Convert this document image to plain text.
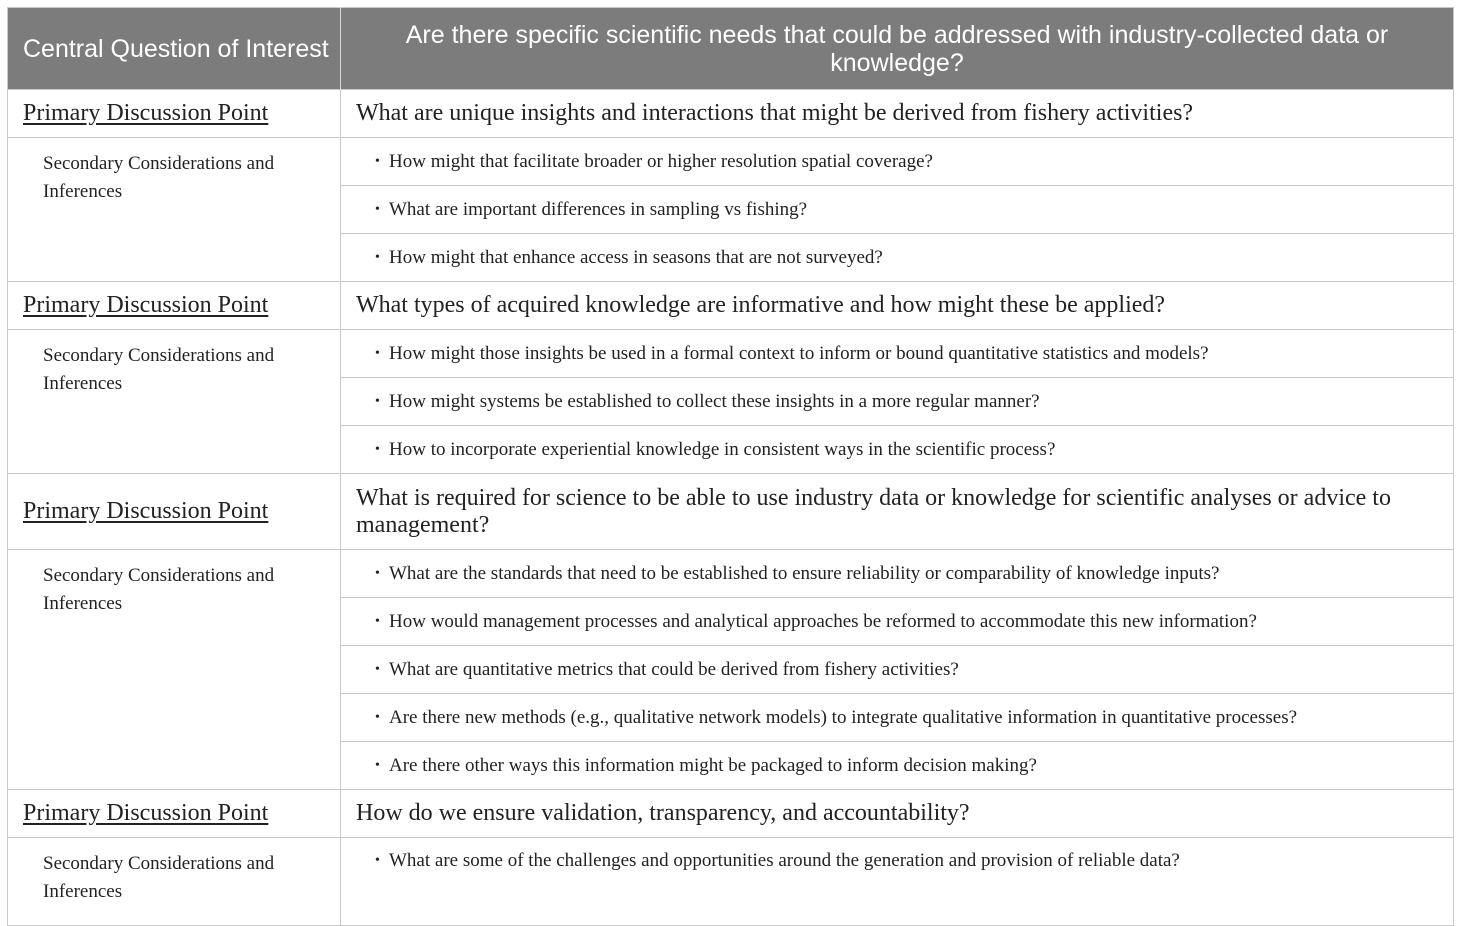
Central Question of Interest	Are there specific scientific needs that could be addressed with industry-collected data or knowledge?
Primary Discussion Point	What are unique insights and interactions that might be derived from fishery activities?
Secondary Considerations and Inferences	• How might that facilitate broader or higher resolution spatial coverage?
	• What are important differences in sampling vs fishing?
	• How might that enhance access in seasons that are not surveyed?
Primary Discussion Point	What types of acquired knowledge are informative and how might these be applied?
Secondary Considerations and Inferences	• How might those insights be used in a formal context to inform or bound quantitative statistics and models?
	• How might systems be established to collect these insights in a more regular manner?
	• How to incorporate experiential knowledge in consistent ways in the scientific process?
Primary Discussion Point	What is required for science to be able to use industry data or knowledge for scientific analyses or advice to management?
Secondary Considerations and Inferences	• What are the standards that need to be established to ensure reliability or comparability of knowledge inputs?
	• How would management processes and analytical approaches be reformed to accommodate this new information?
	• What are quantitative metrics that could be derived from fishery activities?
	• Are there new methods (e.g., qualitative network models) to integrate qualitative information in quantitative processes?
	• Are there other ways this information might be packaged to inform decision making?
Primary Discussion Point	How do we ensure validation, transparency, and accountability?
Secondary Considerations and Inferences	• What are some of the challenges and opportunities around the generation and provision of reliable data?
